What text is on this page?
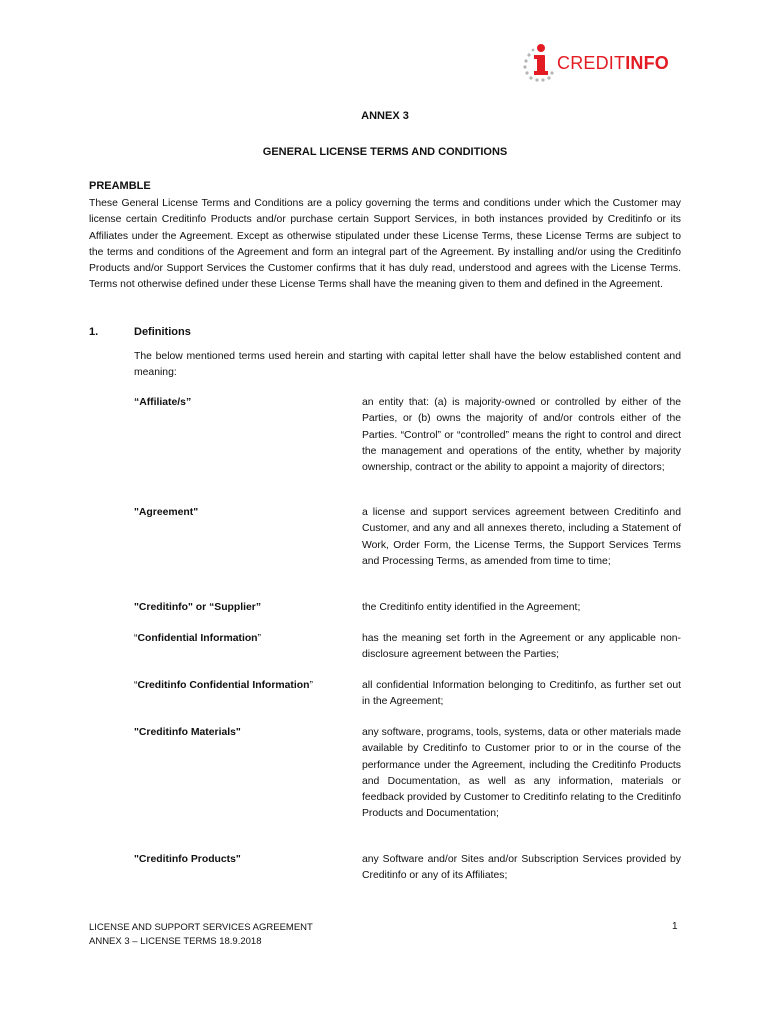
CREDITINFO
ANNEX 3
GENERAL LICENSE TERMS AND CONDITIONS
PREAMBLE
These General License Terms and Conditions are a policy governing the terms and conditions under which the Customer may license certain Creditinfo Products and/or purchase certain Support Services, in both instances provided by Creditinfo or its Affiliates under the Agreement. Except as otherwise stipulated under these License Terms, these License Terms are subject to the terms and conditions of the Agreement and form an integral part of the Agreement. By installing and/or using the Creditinfo Products and/or Support Services the Customer confirms that it has duly read, understood and agrees with the License Terms. Terms not otherwise defined under these License Terms shall have the meaning given to them and defined in the Agreement.
1.	Definitions
The below mentioned terms used herein and starting with capital letter shall have the below established content and meaning:
“Affiliate/s”	an entity that: (a) is majority-owned or controlled by either of the Parties, or (b) owns the majority of and/or controls either of the Parties. “Control” or “controlled” means the right to control and direct the management and operations of the entity, whether by majority ownership, contract or the ability to appoint a majority of directors;
"Agreement"	a license and support services agreement between Creditinfo and Customer, and any and all annexes thereto, including a Statement of Work, Order Form, the License Terms, the Support Services Terms and Processing Terms, as amended from time to time;
"Creditinfo" or “Supplier”	the Creditinfo entity identified in the Agreement;
“Confidential Information”	has the meaning set forth in the Agreement or any applicable non-disclosure agreement between the Parties;
“Creditinfo Confidential Information”	all confidential Information belonging to Creditinfo, as further set out in the Agreement;
"Creditinfo Materials"	any software, programs, tools, systems, data or other materials made available by Creditinfo to Customer prior to or in the course of the performance under the Agreement, including the Creditinfo Products and Documentation, as well as any information, materials or feedback provided by Customer to Creditinfo relating to the Creditinfo Products and Documentation;
"Creditinfo Products"	any Software and/or Sites and/or Subscription Services provided by Creditinfo or any of its Affiliates;
LICENSE AND SUPPORT SERVICES AGREEMENT
ANNEX 3 – LICENSE TERMS 18.9.2018
1
